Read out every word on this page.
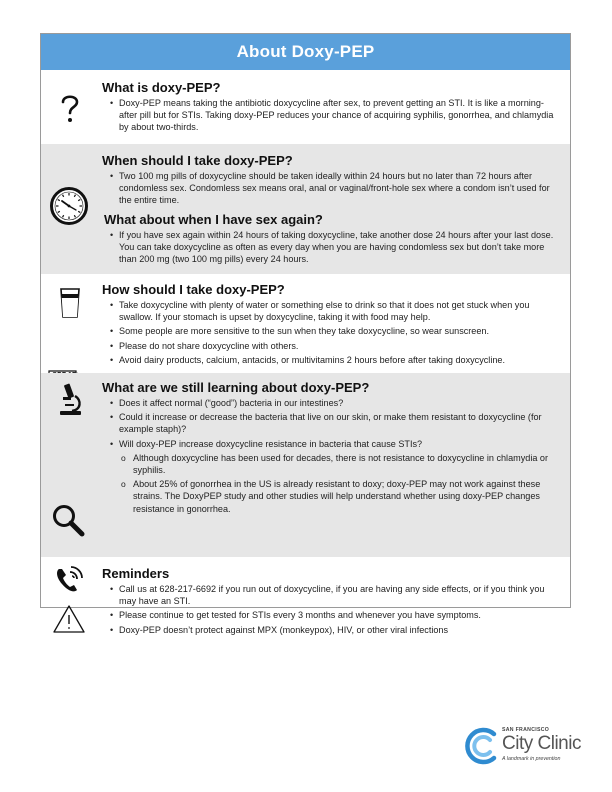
About Doxy-PEP
What is doxy-PEP?
• Doxy-PEP means taking the antibiotic doxycycline after sex, to prevent getting an STI. It is like a morning-after pill but for STIs. Taking doxy-PEP reduces your chance of acquiring syphilis, gonorrhea, and chlamydia by about two-thirds.
When should I take doxy-PEP?
• Two 100 mg pills of doxycycline should be taken ideally within 24 hours but no later than 72 hours after condomless sex. Condomless sex means oral, anal or vaginal/front-hole sex where a condom isn’t used for the entire time.
What about when I have sex again?
• If you have sex again within 24 hours of taking doxycycline, take another dose 24 hours after your last dose. You can take doxycycline as often as every day when you are having condomless sex but don’t take more than 200 mg (two 100 mg pills) every 24 hours.
How should I take doxy-PEP?
• Take doxycycline with plenty of water or something else to drink so that it does not get stuck when you swallow. If your stomach is upset by doxycycline, taking it with food may help.
• Some people are more sensitive to the sun when they take doxycycline, so wear sunscreen.
• Please do not share doxycycline with others.
• Avoid dairy products, calcium, antacids, or multivitamins 2 hours before after taking doxycycline.
What are we still learning about doxy-PEP?
• Does it affect normal (“good”) bacteria in our intestines?
• Could it increase or decrease the bacteria that live on our skin, or make them resistant to doxycycline (for example staph)?
• Will doxy-PEP increase doxycycline resistance in bacteria that cause STIs?
o Although doxycycline has been used for decades, there is not resistance to doxycycline in chlamydia or syphilis.
o About 25% of gonorrhea in the US is already resistant to doxy; doxy-PEP may not work against these strains. The DoxyPEP study and other studies will help understand whether using doxy-PEP changes resistance in gonorrhea.
Reminders
• Call us at 628-217-6692 if you run out of doxycycline, if you are having any side effects, or if you think you may have an STI.
• Please continue to get tested for STIs every 3 months and whenever you have symptoms.
• Doxy-PEP doesn’t protect against MPX (monkeypox), HIV, or other viral infections
SAN FRANCISCO
City Clinic
A landmark in prevention
